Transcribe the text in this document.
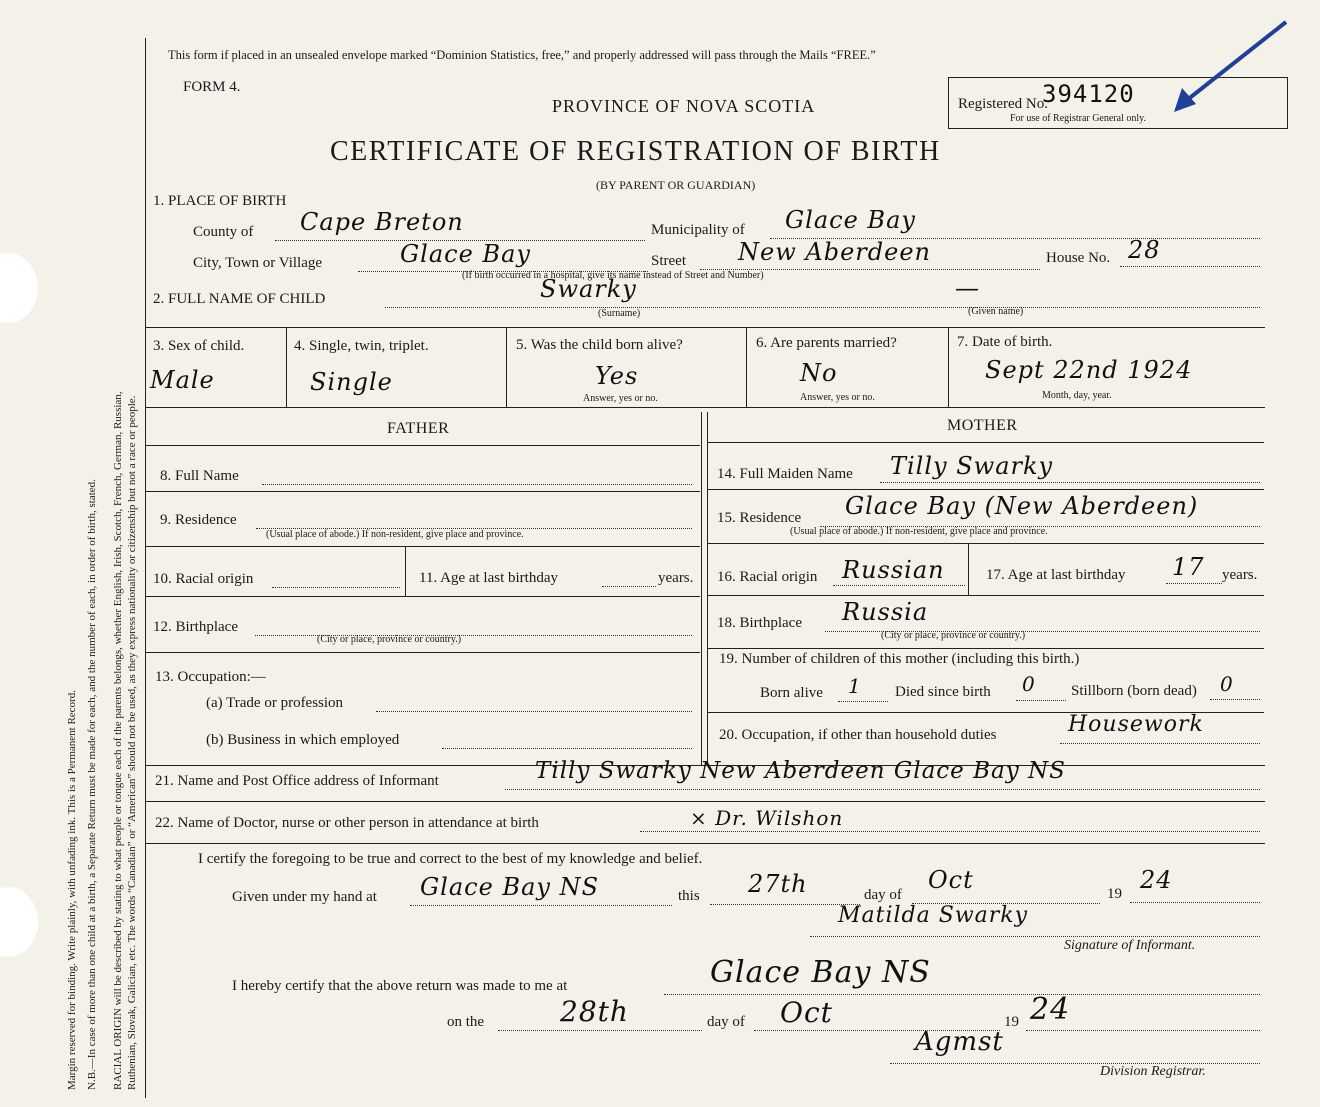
Margin reserved for binding. Write plainly, with unfading ink. This is a Permanent Record. N.B.—In case of more than one child at a birth, a Separate Return must be made for each, and the number of each, in order of birth, stated. RACIAL ORIGIN will be described by stating to what people or tongue each of the parents belongs, whether English, Irish, Scotch, French, German, Russian, Ruthenian, Slovak, Galician, etc. The words “Canadian” or “American” should not be used, as they express nationality or citizenship but not a race or people.
This form if placed in an unsealed envelope marked “Dominion Statistics, free,” and properly addressed will pass through the Mails “FREE.”
FORM 4.
PROVINCE OF NOVA SCOTIA
CERTIFICATE OF REGISTRATION OF BIRTH
(BY PARENT OR GUARDIAN)
Registered No.
394120
For use of Registrar General only.
1. PLACE OF BIRTH
County of Cape Breton	Municipality of Glace Bay
City, Town or Village	Glace Bay	Street New Aberdeen	House No. 28
(If birth occurred in a hospital, give its name instead of Street and Number)
2. FULL NAME OF CHILD	Swarky	—
(Surname)	(Given name)
3. Sex of child.
Male
4. Single, twin, triplet.
Single
5. Was the child born alive?
Yes
Answer, yes or no.
6. Are parents married?
No
Answer, yes or no.
7. Date of birth.
Sept 22nd 1924
Month, day, year.
FATHER	MOTHER
8. Full Name
9. Residence
(Usual place of abode.) If non-resident, give place and province.
10. Racial origin	11. Age at last birthday	years.
12. Birthplace
(City or place, province or country.)
13. Occupation:—
(a) Trade or profession
(b) Business in which employed
14. Full Maiden Name Tilly Swarky
15. Residence Glace Bay (New Aberdeen)
(Usual place of abode.) If non-resident, give place and province.
16. Racial origin Russian	17. Age at last birthday 17 years.
18. Birthplace Russia
(City or place, province or country.)
19. Number of children of this mother (including this birth.)
Born alive 1 Died since birth 0 Stillborn (born dead) 0
20. Occupation, if other than household duties	Housework
21. Name and Post Office address of Informant	Tilly Swarky New Aberdeen Glace Bay NS
22. Name of Doctor, nurse or other person in attendance at birth	× Dr. Wilshon
I certify the foregoing to be true and correct to the best of my knowledge and belief.
Given under my hand at Glace Bay NS	this 27th	day of
Oct	19 24
Matilda Swarky
Signature of Informant.
I hereby certify that the above return was made to me at	Glace Bay NS
on the	28th	day of Oct	19 24
Agmst
Division Registrar.
